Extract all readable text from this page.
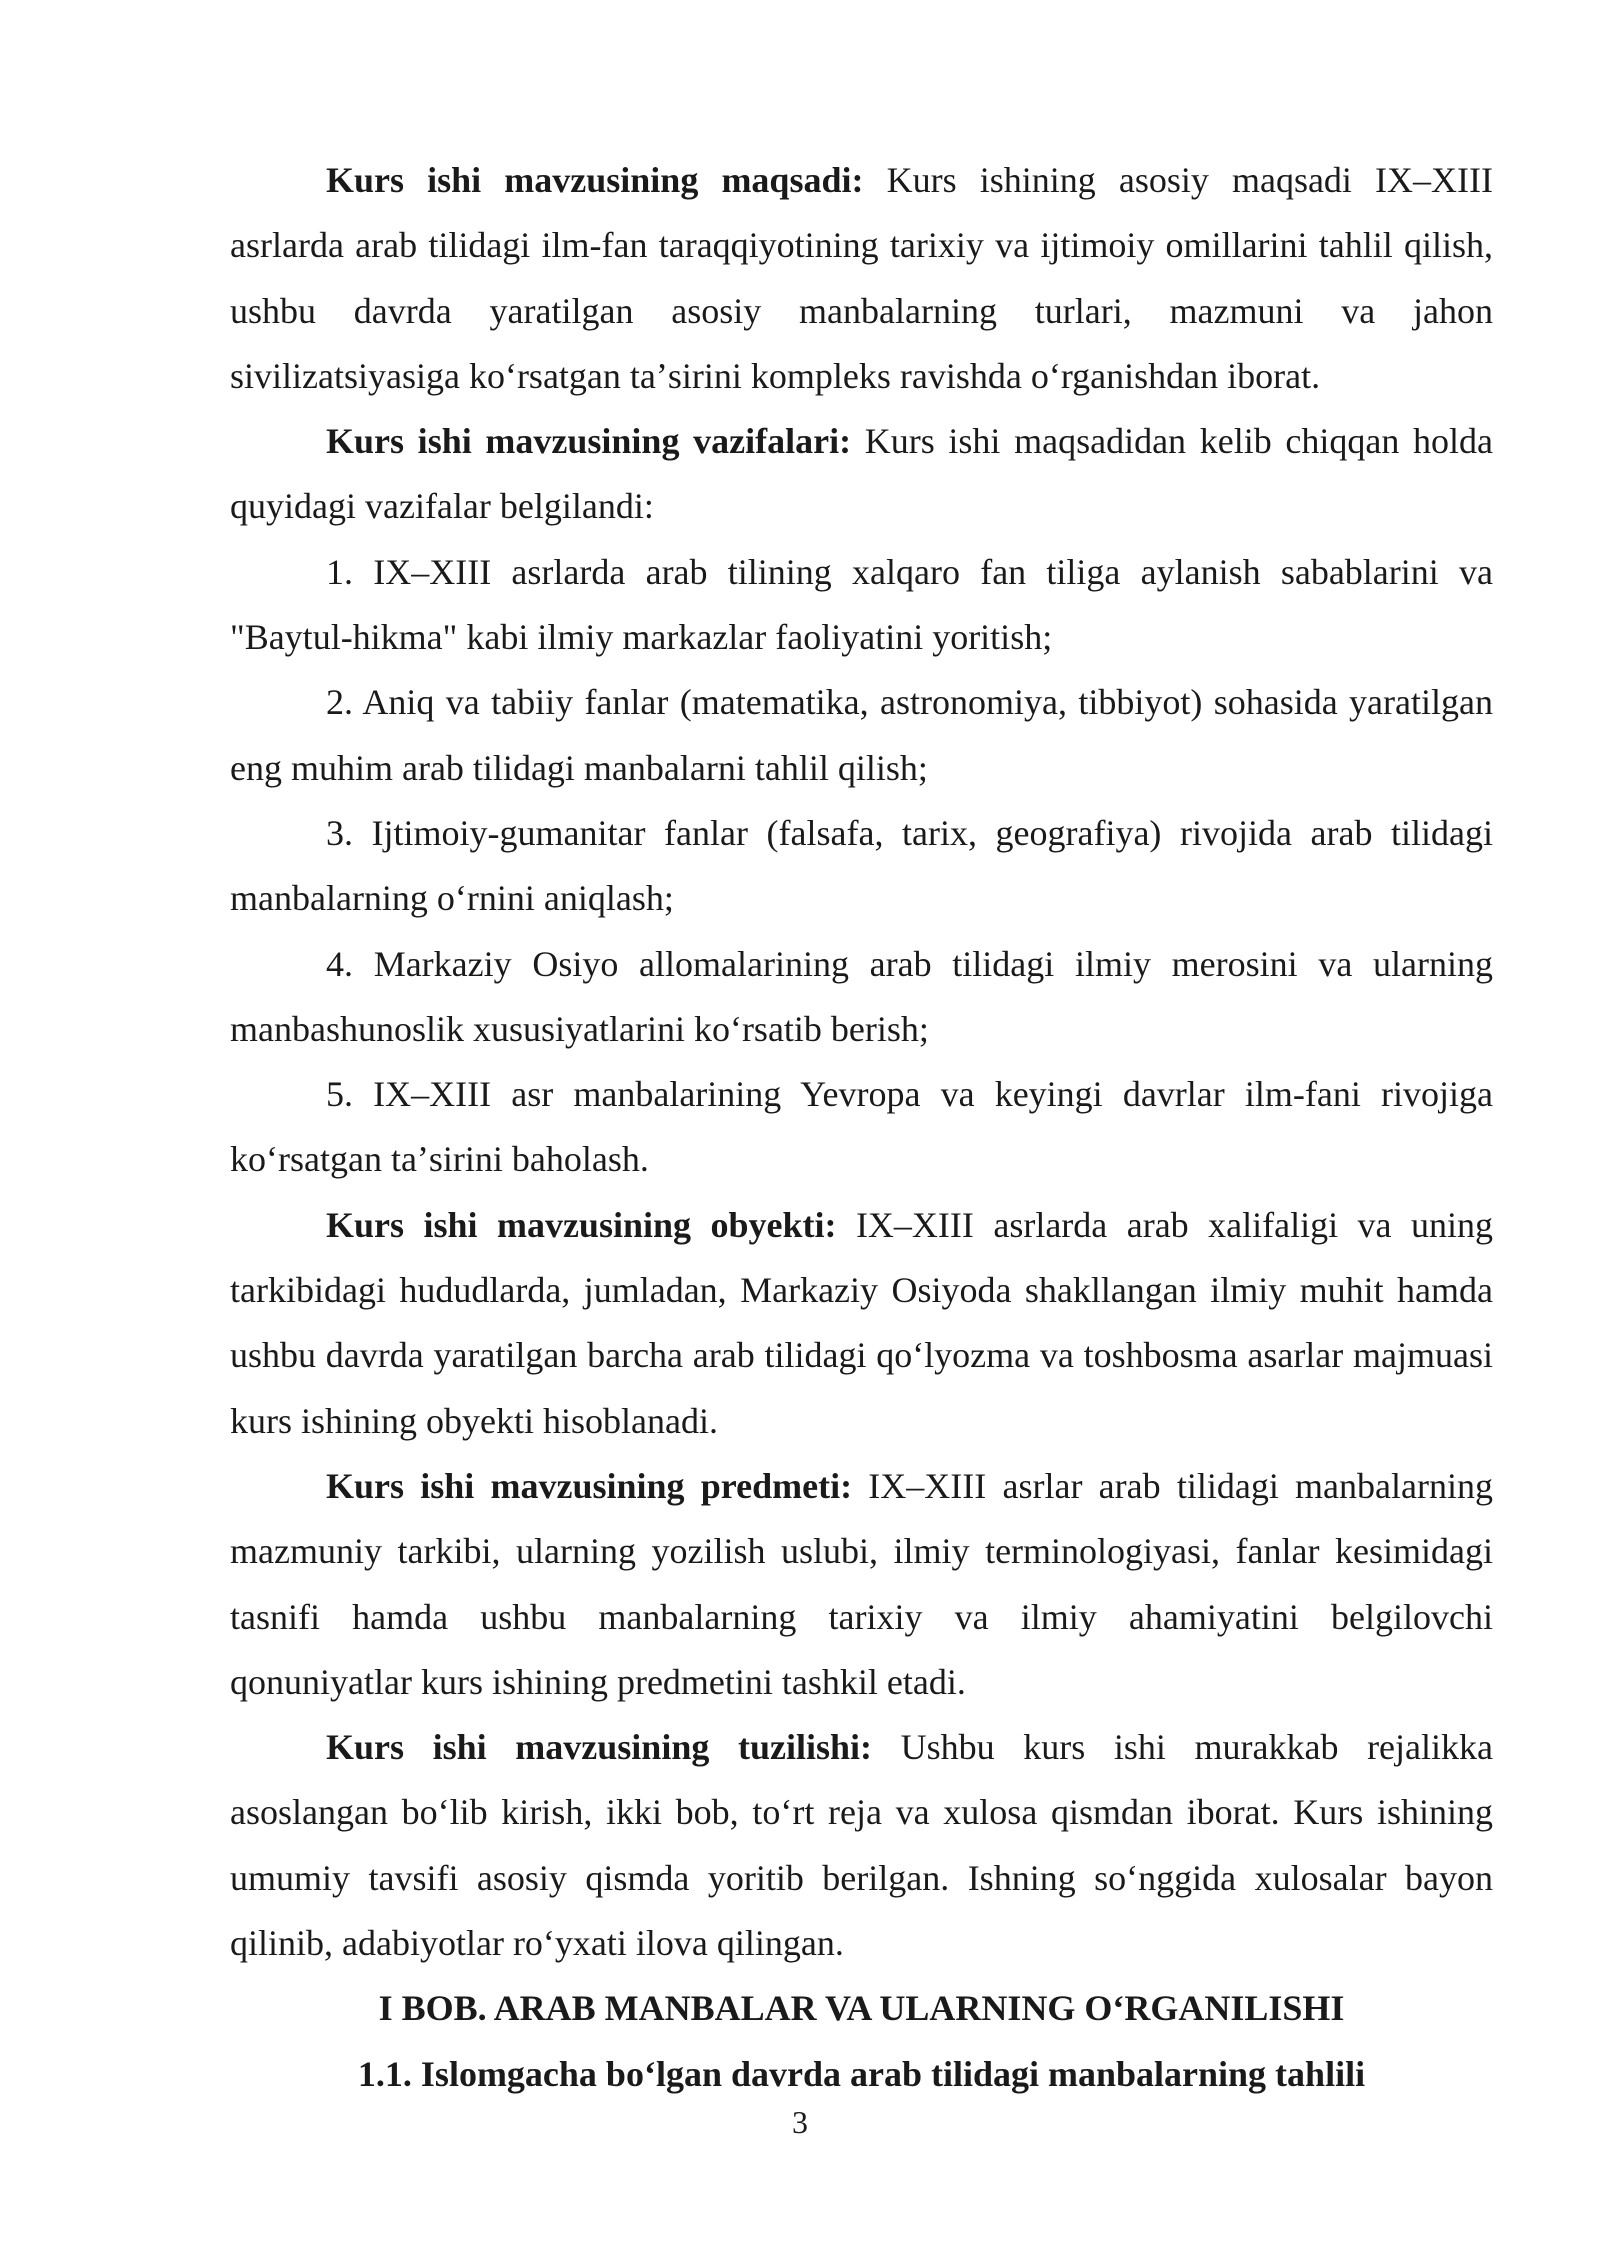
Kurs ishi mavzusining maqsadi: Kurs ishining asosiy maqsadi IX–XIII asrlarda arab tilidagi ilm-fan taraqqiyotining tarixiy va ijtimoiy omillarini tahlil qilish, ushbu davrda yaratilgan asosiy manbalarning turlari, mazmuni va jahon sivilizatsiyasiga koʻrsatgan taʼsirini kompleks ravishda oʻrganishdan iborat.

Kurs ishi mavzusining vazifalari: Kurs ishi maqsadidan kelib chiqqan holda quyidagi vazifalar belgilandi:

1. IX–XIII asrlarda arab tilining xalqaro fan tiliga aylanish sabablarini va "Baytul-hikma" kabi ilmiy markazlar faoliyatini yoritish;

2. Aniq va tabiiy fanlar (matematika, astronomiya, tibbiyot) sohasida yaratilgan eng muhim arab tilidagi manbalarni tahlil qilish;

3. Ijtimoiy-gumanitar fanlar (falsafa, tarix, geografiya) rivojida arab tilidagi manbalarning oʻrnini aniqlash;

4. Markaziy Osiyo allomalarining arab tilidagi ilmiy merosini va ularning manbashunoslik xususiyatlarini koʻrsatib berish;

5. IX–XIII asr manbalarining Yevropa va keyingi davrlar ilm-fani rivojiga koʻrsatgan taʼsirini baholash.

Kurs ishi mavzusining obyekti: IX–XIII asrlarda arab xalifaligi va uning tarkibidagi hududlarda, jumladan, Markaziy Osiyoda shakllangan ilmiy muhit hamda ushbu davrda yaratilgan barcha arab tilidagi qoʻlyozma va toshbosma asarlar majmuasi kurs ishining obyekti hisoblanadi.

Kurs ishi mavzusining predmeti: IX–XIII asrlar arab tilidagi manbalarning mazmuniy tarkibi, ularning yozilish uslubi, ilmiy terminologiyasi, fanlar kesimidagi tasnifi hamda ushbu manbalarning tarixiy va ilmiy ahamiyatini belgilovchi qonuniyatlar kurs ishining predmetini tashkil etadi.

Kurs ishi mavzusining tuzilishi: Ushbu kurs ishi murakkab rejalikka asoslangan boʻlib kirish, ikki bob, toʻrt reja va xulosa qismdan iborat. Kurs ishining umumiy tavsifi asosiy qismda yoritib berilgan. Ishning soʻnggida xulosalar bayon qilinib, adabiyotlar roʻyxati ilova qilingan.

I BOB. ARAB MANBALAR VA ULARNING OʻRGANILISHI

1.1. Islomgacha boʻlgan davrda arab tilidagi manbalarning tahlili

3
